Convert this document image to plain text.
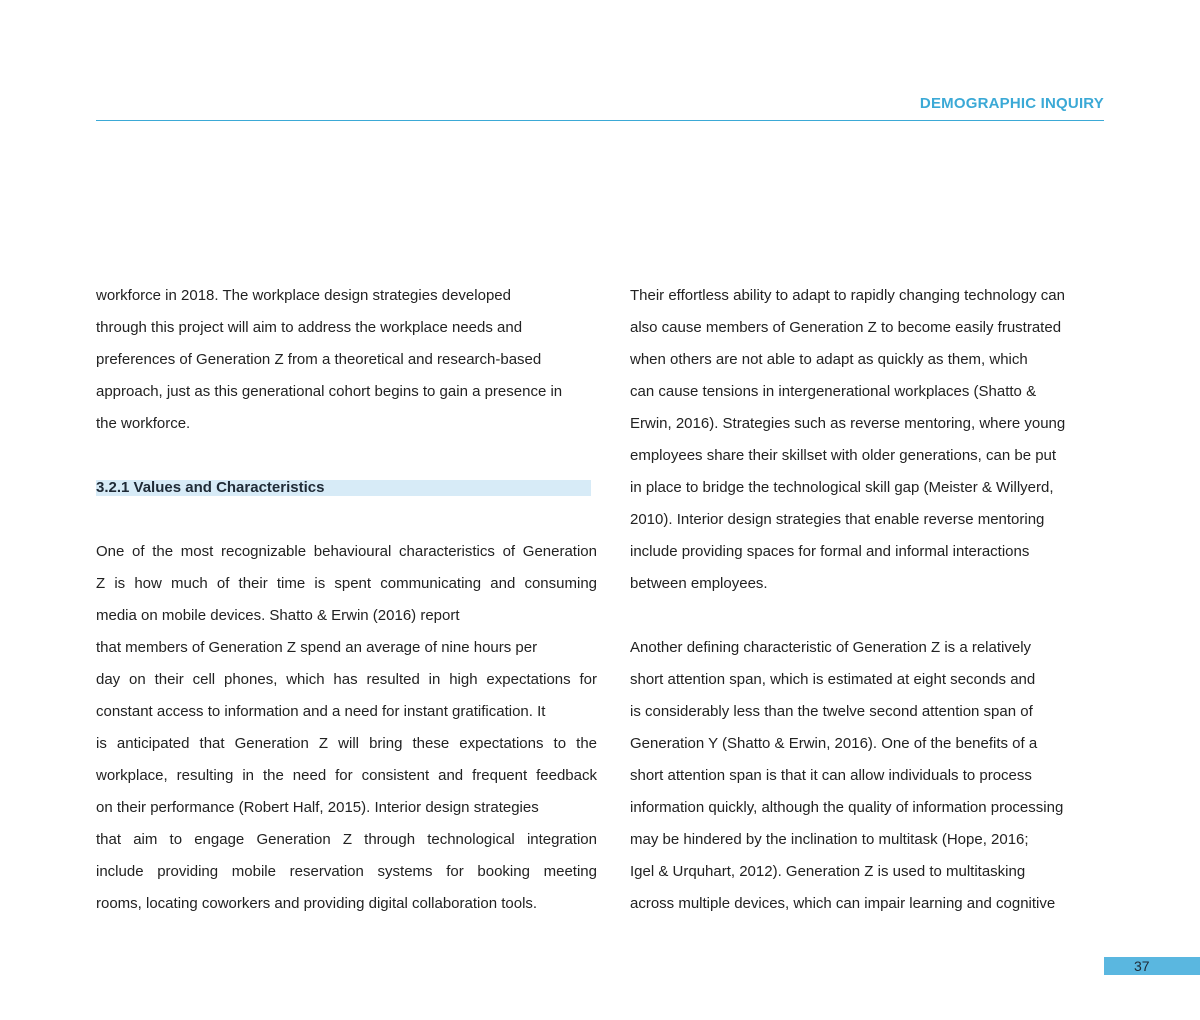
DEMOGRAPHIC INQUIRY
workforce in 2018. The workplace design strategies developed
through this project will aim to address the workplace needs and
preferences of Generation Z from a theoretical and research-based
approach, just as this generational cohort begins to gain a presence in
the workforce.
3.2.1 Values and Characteristics
One of the most recognizable behavioural characteristics of Generation
Z is how much of their time is spent communicating and consuming
media on mobile devices. Shatto & Erwin (2016) report
that members of Generation Z spend an average of nine hours per
day on their cell phones, which has resulted in high expectations for
constant access to information and a need for instant gratification. It
is anticipated that Generation Z will bring these expectations to the
workplace, resulting in the need for consistent and frequent feedback
on their performance (Robert Half, 2015). Interior design strategies
that aim to engage Generation Z through technological integration
include providing mobile reservation systems for booking meeting
rooms, locating coworkers and providing digital collaboration tools.
Their effortless ability to adapt to rapidly changing technology can
also cause members of Generation Z to become easily frustrated
when others are not able to adapt as quickly as them, which
can cause tensions in intergenerational workplaces (Shatto &
Erwin, 2016). Strategies such as reverse mentoring, where young
employees share their skillset with older generations, can be put
in place to bridge the technological skill gap (Meister & Willyerd,
2010). Interior design strategies that enable reverse mentoring
include providing spaces for formal and informal interactions
between employees.
Another defining characteristic of Generation Z is a relatively
short attention span, which is estimated at eight seconds and
is considerably less than the twelve second attention span of
Generation Y (Shatto & Erwin, 2016). One of the benefits of a
short attention span is that it can allow individuals to process
information quickly, although the quality of information processing
may be hindered by the inclination to multitask (Hope, 2016;
Igel & Urquhart, 2012). Generation Z is used to multitasking
across multiple devices, which can impair learning and cognitive
37
